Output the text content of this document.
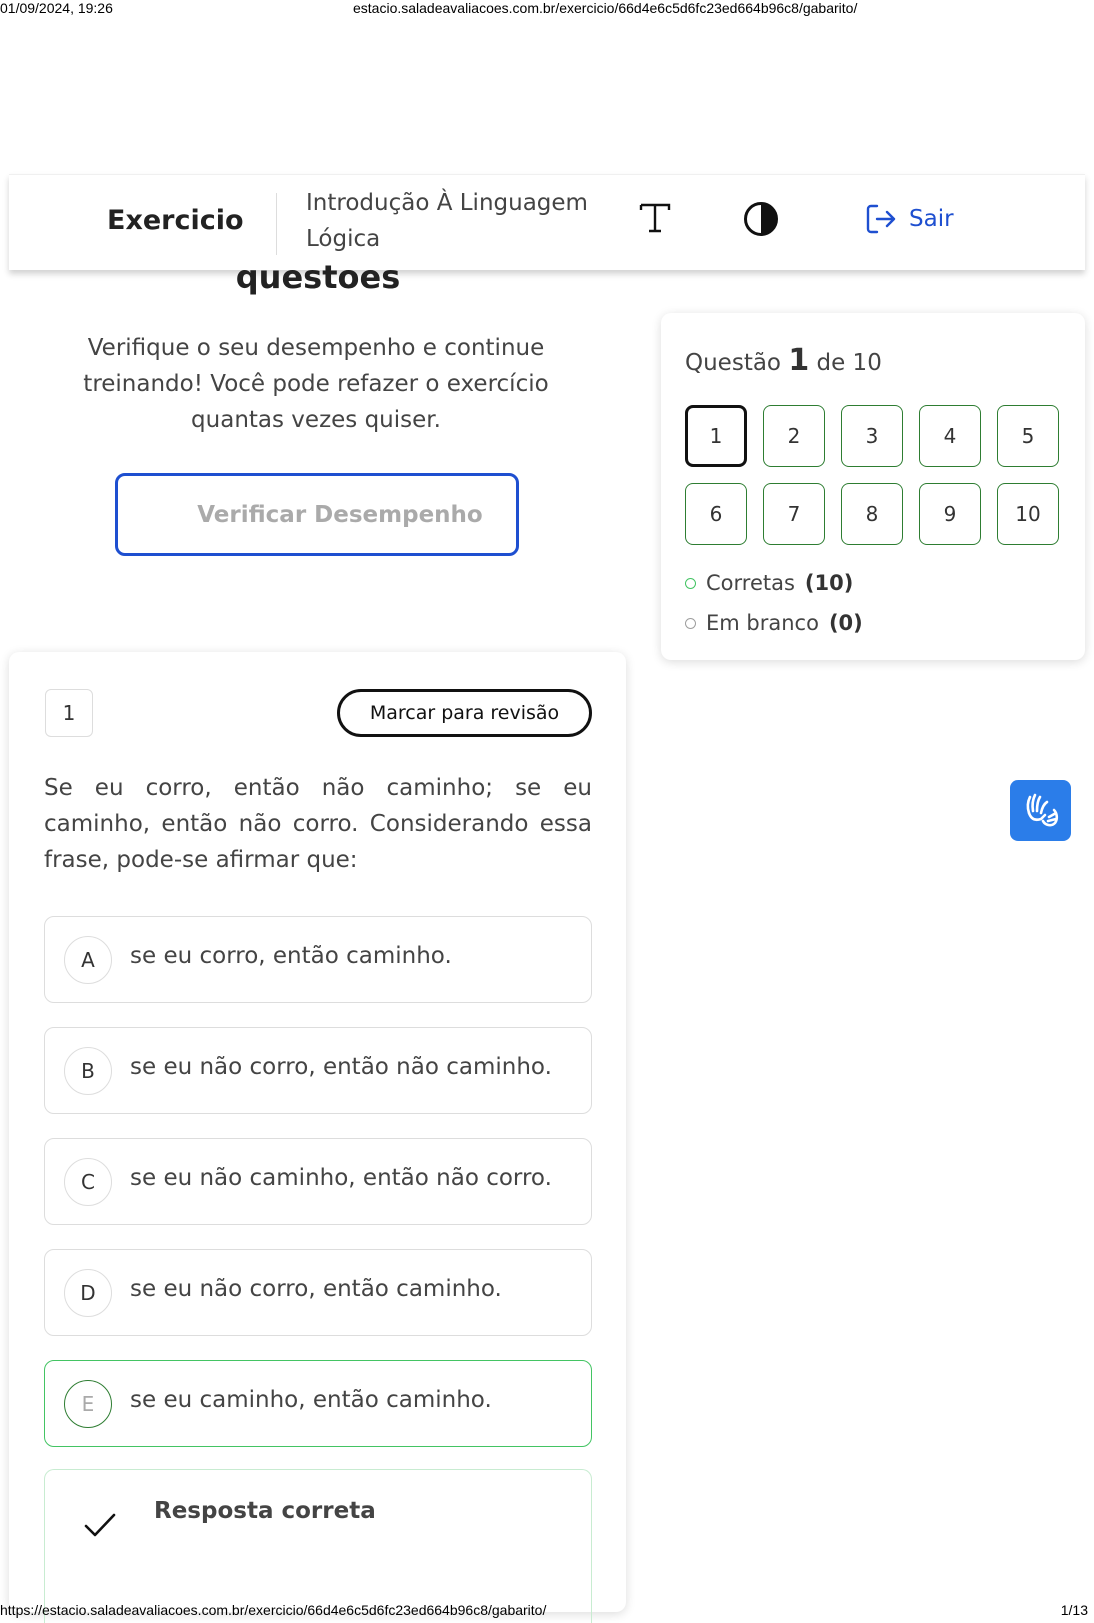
01/09/2024, 19:26	estacio.saladeavaliacoes.com.br/exercicio/66d4e6c5d6fc23ed664b96c8/gabarito/
Exercicio
Introdução À Linguagem Lógica
Sair
questoes
Verifique o seu desempenho e continue treinando! Você pode refazer o exercício quantas vezes quiser.
Verificar Desempenho
Questão 1 de 10
1	2	3	4	5
6	7	8	9	10
Corretas (10)
Em branco (0)
1	Marcar para revisão
Se eu corro, então não caminho; se eu caminho, então não corro. Considerando essa frase, pode-se afirmar que:
A	se eu corro, então caminho.
B	se eu não corro, então não caminho.
C	se eu não caminho, então não corro.
D	se eu não corro, então caminho.
E	se eu caminho, então caminho.
Resposta correta
https://estacio.saladeavaliacoes.com.br/exercicio/66d4e6c5d6fc23ed664b96c8/gabarito/	1/13
